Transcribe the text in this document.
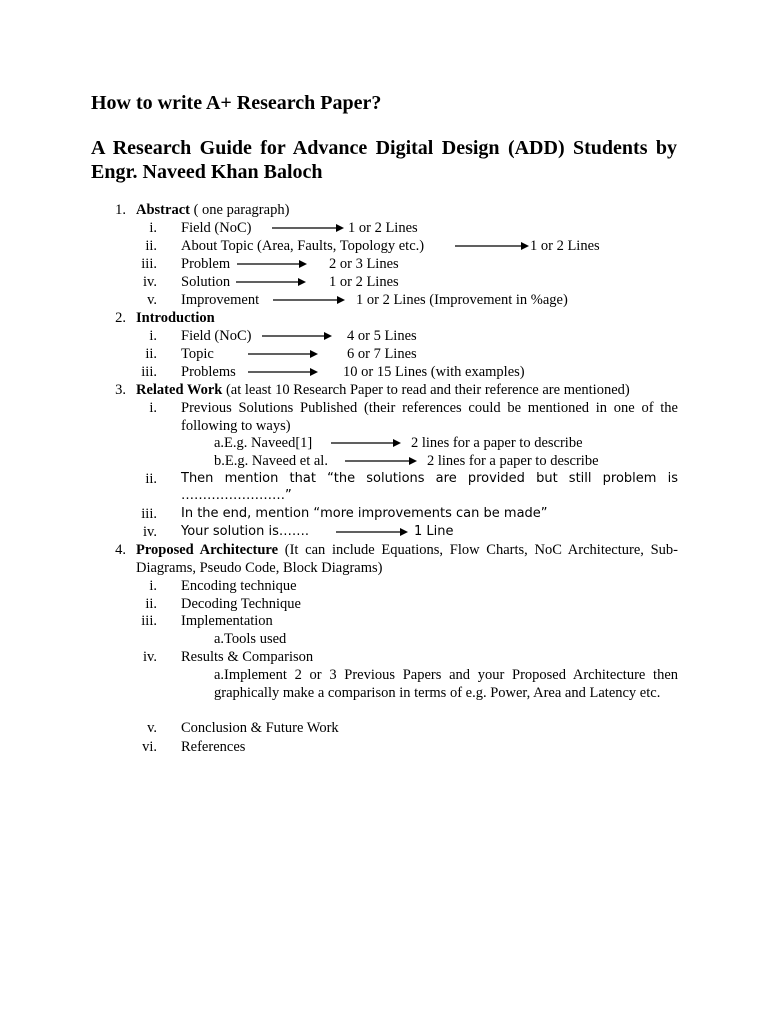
How to write A+ Research Paper?
A Research Guide for Advance Digital Design (ADD) Students by Engr. Naveed Khan Baloch
1. Abstract ( one paragraph)
i. Field (NoC)	1 or 2 Lines
ii. About Topic (Area, Faults, Topology etc.)	1 or 2 Lines
iii. Problem	2 or 3 Lines
iv. Solution	1 or 2 Lines
v. Improvement	1 or 2 Lines (Improvement in %age)
2. Introduction
i. Field (NoC)	4 or 5 Lines
ii. Topic	6 or 7 Lines
iii. Problems	10 or 15 Lines (with examples)
3. Related Work (at least 10 Research Paper to read and their reference are mentioned)
i. Previous Solutions Published (their references could be mentioned in one of the following to ways)
a.E.g. Naveed[1]	2 lines for a paper to describe
b.E.g. Naveed et al.	2 lines for a paper to describe
ii. Then mention that “the solutions are provided but still problem is ……………………”
iii. In the end, mention “more improvements can be made”
iv. Your solution is…….	1 Line
4. Proposed Architecture (It can include Equations, Flow Charts, NoC Architecture, Sub-Diagrams, Pseudo Code, Block Diagrams)
i. Encoding technique
ii. Decoding Technique
iii. Implementation
a.Tools used
iv. Results & Comparison
a.Implement 2 or 3 Previous Papers and your Proposed Architecture then graphically make a comparison in terms of e.g. Power, Area and Latency etc.
v. Conclusion & Future Work
vi. References
